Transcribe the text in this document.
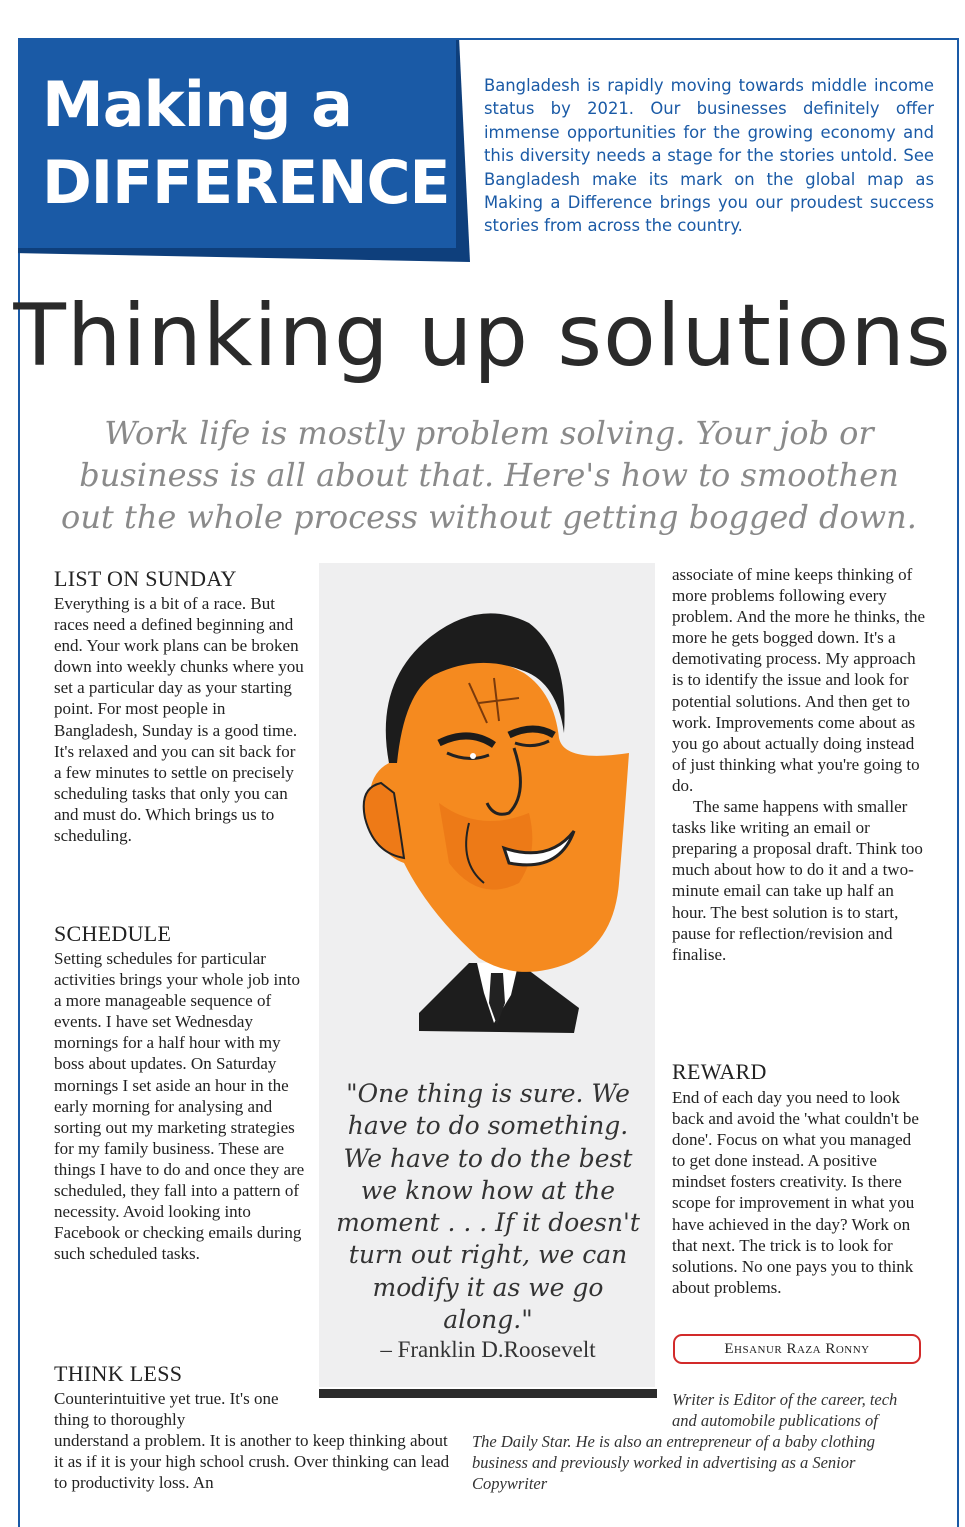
Making a
DIFFERENCE

Bangladesh is rapidly moving towards middle income status by 2021. Our businesses definitely offer immense opportunities for the growing economy and this diversity needs a stage for the stories untold. See Bangladesh make its mark on the global map as Making a Difference brings you our proudest success stories from across the country.

Thinking up solutions

Work life is mostly problem solving. Your job or business is all about that. Here's how to smoothen out the whole process without getting bogged down.

LIST ON SUNDAY

Everything is a bit of a race. But races need a defined beginning and end. Your work plans can be broken down into weekly chunks where you set a particular day as your starting point. For most people in Bangladesh, Sunday is a good time. It's relaxed and you can sit back for a few minutes to settle on precisely scheduling tasks that only you can and must do. Which brings us to scheduling.

SCHEDULE

Setting schedules for particular activities brings your whole job into a more manageable sequence of events. I have set Wednesday mornings for a half hour with my boss about updates. On Saturday mornings I set aside an hour in the early morning for analysing and sorting out my marketing strategies for my family business. These are things I have to do and once they are scheduled, they fall into a pattern of necessity. Avoid looking into Facebook or checking emails during such scheduled tasks.

THINK LESS

Counterintuitive yet true. It's one thing to thoroughly

understand a problem. It is another to keep thinking about it as if it is your high school crush. Over thinking can lead to productivity loss. An

"One thing is sure. We have to do something. We have to do the best we know how at the moment . . . If it doesn't turn out right, we can modify it as we go along."

– Franklin D.Roosevelt

associate of mine keeps thinking of more problems following every problem. And the more he thinks, the more he gets bogged down. It's a demotivating process. My approach is to identify the issue and look for potential solutions. And then get to work. Improvements come about as you go about actually doing instead of just thinking what you're going to do.

The same happens with smaller tasks like writing an email or preparing a proposal draft. Think too much about how to do it and a two-minute email can take up half an hour. The best solution is to start, pause for reflection/revision and finalise.

REWARD

End of each day you need to look back and avoid the 'what couldn't be done'. Focus on what you managed to get done instead. A positive mindset fosters creativity. Is there scope for improvement in what you have achieved in the day? Work on that next. The trick is to look for solutions. No one pays you to think about problems.

Ehsanur Raza Ronny

Writer is Editor of the career, tech

and automobile publications of

The Daily Star. He is also an entrepreneur of a baby clothing business and previously worked in advertising as a Senior Copywriter
